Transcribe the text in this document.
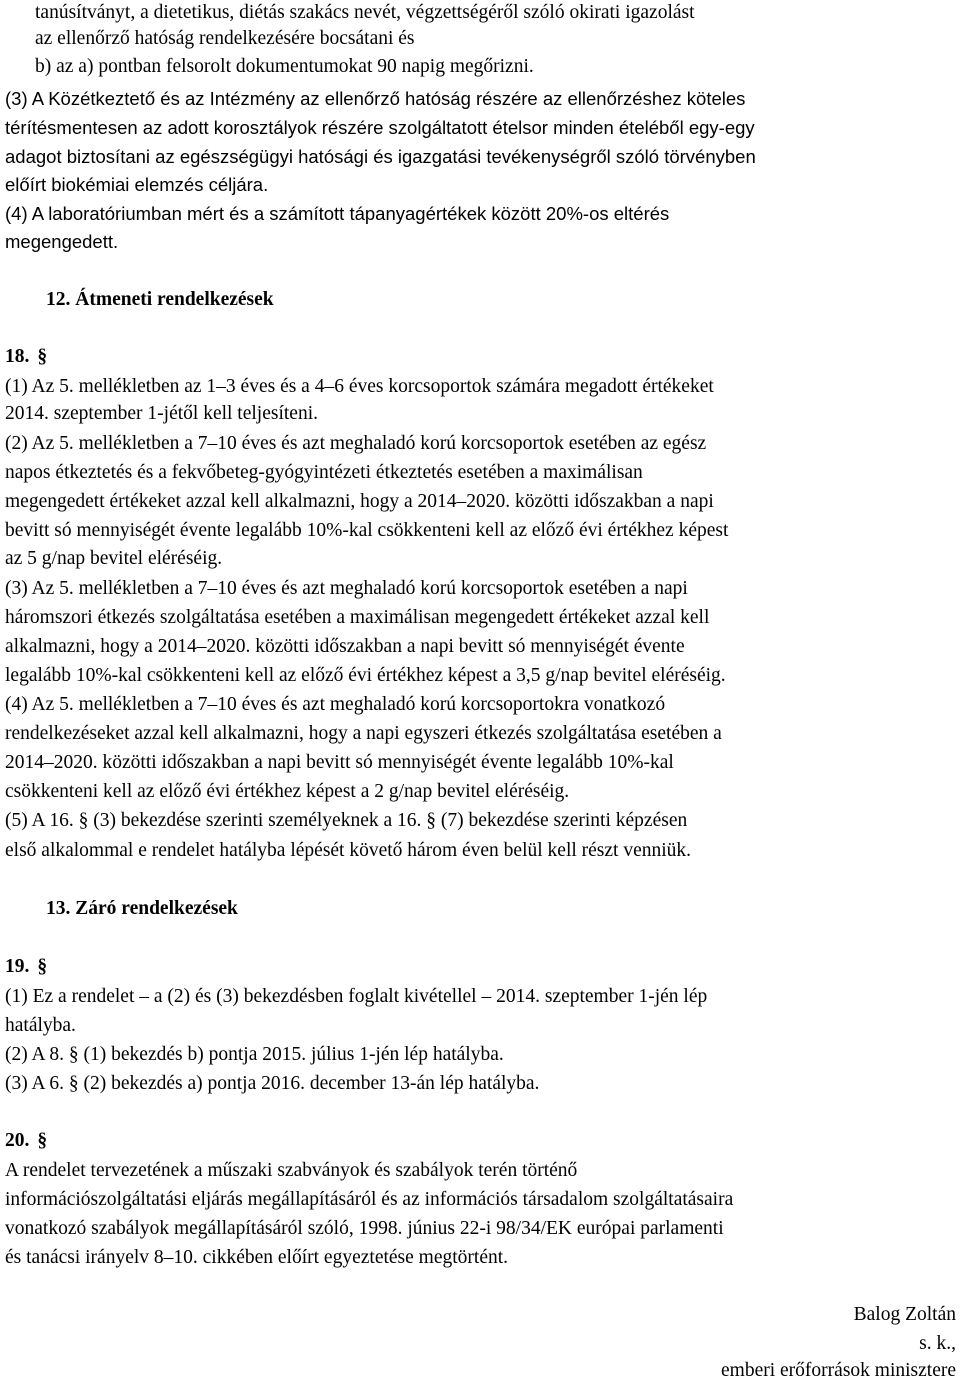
tanúsítványt, a dietetikus, diétás szakács nevét, végzettségéről szóló okirati igazolást
az ellenőrző hatóság rendelkezésére bocsátani és
b) az a) pontban felsorolt dokumentumokat 90 napig megőrizni.
(3) A Közétkeztető és az Intézmény az ellenőrző hatóság részére az ellenőrzéshez köteles
térítésmentesen az adott korosztályok részére szolgáltatott ételsor minden ételéből egy-egy
adagot biztosítani az egészségügyi hatósági és igazgatási tevékenységről szóló törvényben
előírt biokémiai elemzés céljára.
(4) A laboratóriumban mért és a számított tápanyagértékek között 20%-os eltérés
megengedett.
12. Átmeneti rendelkezések
18. §
(1) Az 5. mellékletben az 1–3 éves és a 4–6 éves korcsoportok számára megadott értékeket
2014. szeptember 1-jétől kell teljesíteni.
(2) Az 5. mellékletben a 7–10 éves és azt meghaladó korú korcsoportok esetében az egész
napos étkeztetés és a fekvőbeteg-gyógyintézeti étkeztetés esetében a maximálisan
megengedett értékeket azzal kell alkalmazni, hogy a 2014–2020. közötti időszakban a napi
bevitt só mennyiségét évente legalább 10%-kal csökkenteni kell az előző évi értékhez képest
az 5 g/nap bevitel eléréséig.
(3) Az 5. mellékletben a 7–10 éves és azt meghaladó korú korcsoportok esetében a napi
háromszori étkezés szolgáltatása esetében a maximálisan megengedett értékeket azzal kell
alkalmazni, hogy a 2014–2020. közötti időszakban a napi bevitt só mennyiségét évente
legalább 10%-kal csökkenteni kell az előző évi értékhez képest a 3,5 g/nap bevitel eléréséig.
(4) Az 5. mellékletben a 7–10 éves és azt meghaladó korú korcsoportokra vonatkozó
rendelkezéseket azzal kell alkalmazni, hogy a napi egyszeri étkezés szolgáltatása esetében a
2014–2020. közötti időszakban a napi bevitt só mennyiségét évente legalább 10%-kal
csökkenteni kell az előző évi értékhez képest a 2 g/nap bevitel eléréséig.
(5) A 16. § (3) bekezdése szerinti személyeknek a 16. § (7) bekezdése szerinti képzésen
első alkalommal e rendelet hatályba lépését követő három éven belül kell részt venniük.
13. Záró rendelkezések
19. §
(1) Ez a rendelet – a (2) és (3) bekezdésben foglalt kivétellel – 2014. szeptember 1-jén lép
hatályba.
(2) A 8. § (1) bekezdés b) pontja 2015. július 1-jén lép hatályba.
(3) A 6. § (2) bekezdés a) pontja 2016. december 13-án lép hatályba.
20. §
A rendelet tervezetének a műszaki szabványok és szabályok terén történő
információszolgáltatási eljárás megállapításáról és az információs társadalom szolgáltatásaira
vonatkozó szabályok megállapításáról szóló, 1998. június 22-i 98/34/EK európai parlamenti
és tanácsi irányelv 8–10. cikkében előírt egyeztetése megtörtént.
Balog Zoltán
s. k.,
emberi erőforrások minisztere
